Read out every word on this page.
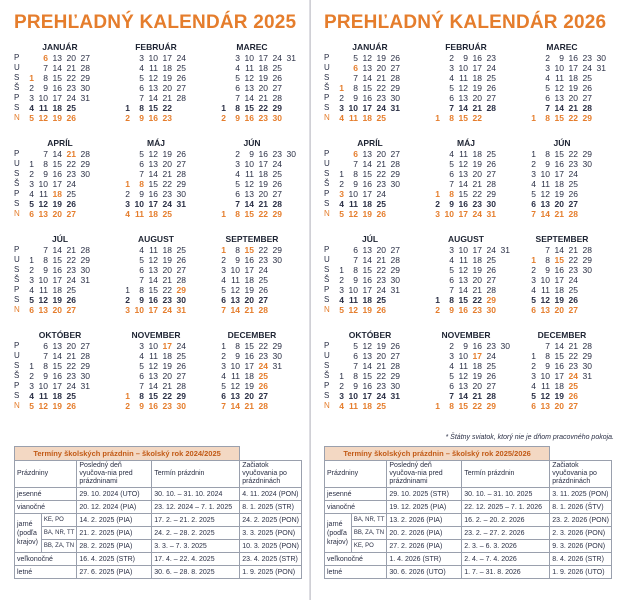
PREHĽADNÝ KALENDÁR 2025
JANUÁR
P	6 13 20 27
U	7 14 21 28
S	1	8 15 22 29
Š	2	9 16 23 30
P	3 10 17 24 31
S	4 11 18 25
N	5 12 19 26
FEBRUÁR
3 10 17 24
4 11 18 25
5 12 19 26
6 13 20 27
7 14 21 28
1	8 15 22
2	9 16 23
MAREC
3 10 17 24 31
4 11 18 25
5 12 19 26
6 13 20 27
7 14 21 28
1	8 15 22 29
2	9 16 23 30
APRÍL
P	7 14 21 28
U	1	8 15 22 29
S	2	9 16 23 30
Š	3 10 17 24
P	4 11 18 25
S	5 12 19 26
N	6 13 20 27
MÁJ
5 12 19 26
6 13 20 27
7 14 21 28
1	8 15 22 29
2	9 16 23 30
3 10 17 24 31
4 11 18 25
JÚN
2	9 16 23 30
3 10 17 24
4 11 18 25
5 12 19 26
6 13 20 27
7 14 21 28
1	8 15 22 29
JÚL
P	7 14 21 28
U	1	8 15 22 29
S	2	9 16 23 30
Š	3 10 17 24 31
P	4 11 18 25
S	5 12 19 26
N	6 13 20 27
AUGUST
4 11 18 25
5 12 19 26
6 13 20 27
7 14 21 28
1	8 15 22 29
2	9 16 23 30
3 10 17 24 31
SEPTEMBER
1	8 15 22 29
2	9 16 23 30
3 10 17 24
4 11 18 25
5 12 19 26
6 13 20 27
7 14 21 28
OKTÓBER
P	6 13 20 27
U	7 14 21 28
S	1	8 15 22 29
Š	2	9 16 23 30
P	3 10 17 24 31
S	4 11 18 25
N	5 12 19 26
NOVEMBER
3 10 17 24
4 11 18 25
5 12 19 26
6 13 20 27
7 14 21 28
1	8 15 22 29
2	9 16 23 30
DECEMBER
1	8 15 22 29
2	9 16 23 30
3 10 17 24 31
4 11 18 25
5 12 19 26
6 13 20 27
7 14 21 28
Termíny školských prázdnin – školský rok 2024/2025				
Prázdniny		Posledný deň vyučova-nia pred prázdninami	Termín prázdnin	Začiatok vyučovania po prázdninách
jesenné		29. 10. 2024 (UTO)	30. 10. – 31. 10. 2024	4. 11. 2024 (PON)
vianočné		20. 12. 2024 (PIA)	23. 12. 2024 – 7. 1. 2025	8. 1. 2025 (STR)
jarné (podľa krajov)	KE, PO	14. 2. 2025 (PIA)	17. 2. – 21. 2. 2025	24. 2. 2025 (PON)
	BA, NR, TT	21. 2. 2025 (PIA)	24. 2. – 28. 2. 2025	3. 3. 2025 (PON)
	BB, ZA, TN	28. 2. 2025 (PIA)	3. 3. – 7. 3. 2025	10. 3. 2025 (PON)
veľkonočné		16. 4. 2025 (STR)	17. 4. – 22. 4. 2025	23. 4. 2025 (STR)
letné		27. 6. 2025 (PIA)	30. 6. – 28. 8. 2025	1. 9. 2025 (PON)
PREHĽADNÝ KALENDÁR 2026
JANUÁR
P	5 12 19 26
U	6 13 20 27
S	7 14 21 28
Š	1	8 15 22 29
P	2	9 16 23 30
S	3 10 17 24 31
N	4 11 18 25
FEBRUÁR
2	9 16 23
3 10 17 24
4 11 18 25
5 12 19 26
6 13 20 27
7 14 21 28
1	8 15 22
MAREC
2	9 16 23 30
3 10 17 24 31
4 11 18 25
5 12 19 26
6 13 20 27
7 14 21 28
1	8 15 22 29
APRÍL
P	6 13 20 27
U	7 14 21 28
S	1	8 15 22 29
Š	2	9 16 23 30
P	3 10 17 24
S	4 11 18 25
N	5 12 19 26
MÁJ
4 11 18 25
5 12 19 26
6 13 20 27
7 14 21 28
1	8 15 22 29
2	9 16 23 30
3 10 17 24 31
JÚN
1	8 15 22 29
2	9 16 23 30
3 10 17 24
4 11 18 25
5 12 19 26
6 13 20 27
7 14 21 28
JÚL
P	6 13 20 27
U	7 14 21 28
S	1	8 15 22 29
Š	2	9 16 23 30
P	3 10 17 24 31
S	4 11 18 25
N	5 12 19 26
AUGUST
3 10 17 24 31
4 11 18 25
5 12 19 26
6 13 20 27
7 14 21 28
1	8 15 22 29
2	9 16 23 30
SEPTEMBER
7 14 21 28
1	8 15 22 29
2	9 16 23 30
3 10 17 24
4 11 18 25
5 12 19 26
6 13 20 27
OKTÓBER
P	5 12 19 26
U	6 13 20 27
S	7 14 21 28
Š	1	8 15 22 29
P	2	9 16 23 30
S	3 10 17 24 31
N	4 11 18 25
NOVEMBER
2	9 16 23 30
3 10 17 24
4 11 18 25
5 12 19 26
6 13 20 27
7 14 21 28
1	8 15 22 29
DECEMBER
7 14 21 28
1	8 15 22 29
2	9 16 23 30
3 10 17 24 31
4 11 18 25
5 12 19 26
6 13 20 27
* Štátny sviatok, ktorý nie je dňom pracovného pokoja.
Termíny školských prázdnin – školský rok 2025/2026				
Prázdniny		Posledný deň vyučova-nia pred prázdninami	Termín prázdnin	Začiatok vyučovania po prázdninách
jesenné		29. 10. 2025 (STR)	30. 10. – 31. 10. 2025	3. 11. 2025 (PON)
vianočné		19. 12. 2025 (PIA)	22. 12. 2025 – 7. 1. 2026	8. 1. 2026 (ŠTV)
jarné (podľa krajov)	BA, NR, TT	13. 2. 2026 (PIA)	16. 2. – 20. 2. 2026	23. 2. 2026 (PON)
	BB, ZA, TN	20. 2. 2026 (PIA)	23. 2. – 27. 2. 2026	2. 3. 2026 (PON)
	KE, PO	27. 2. 2026 (PIA)	2. 3. – 6. 3. 2026	9. 3. 2026 (PON)
veľkonočné		1. 4. 2026 (STR)	2. 4. – 7. 4. 2026	8. 4. 2026 (STR)
letné		30. 6. 2026 (UTO)	1. 7. – 31. 8. 2026	1. 9. 2026 (UTO)
